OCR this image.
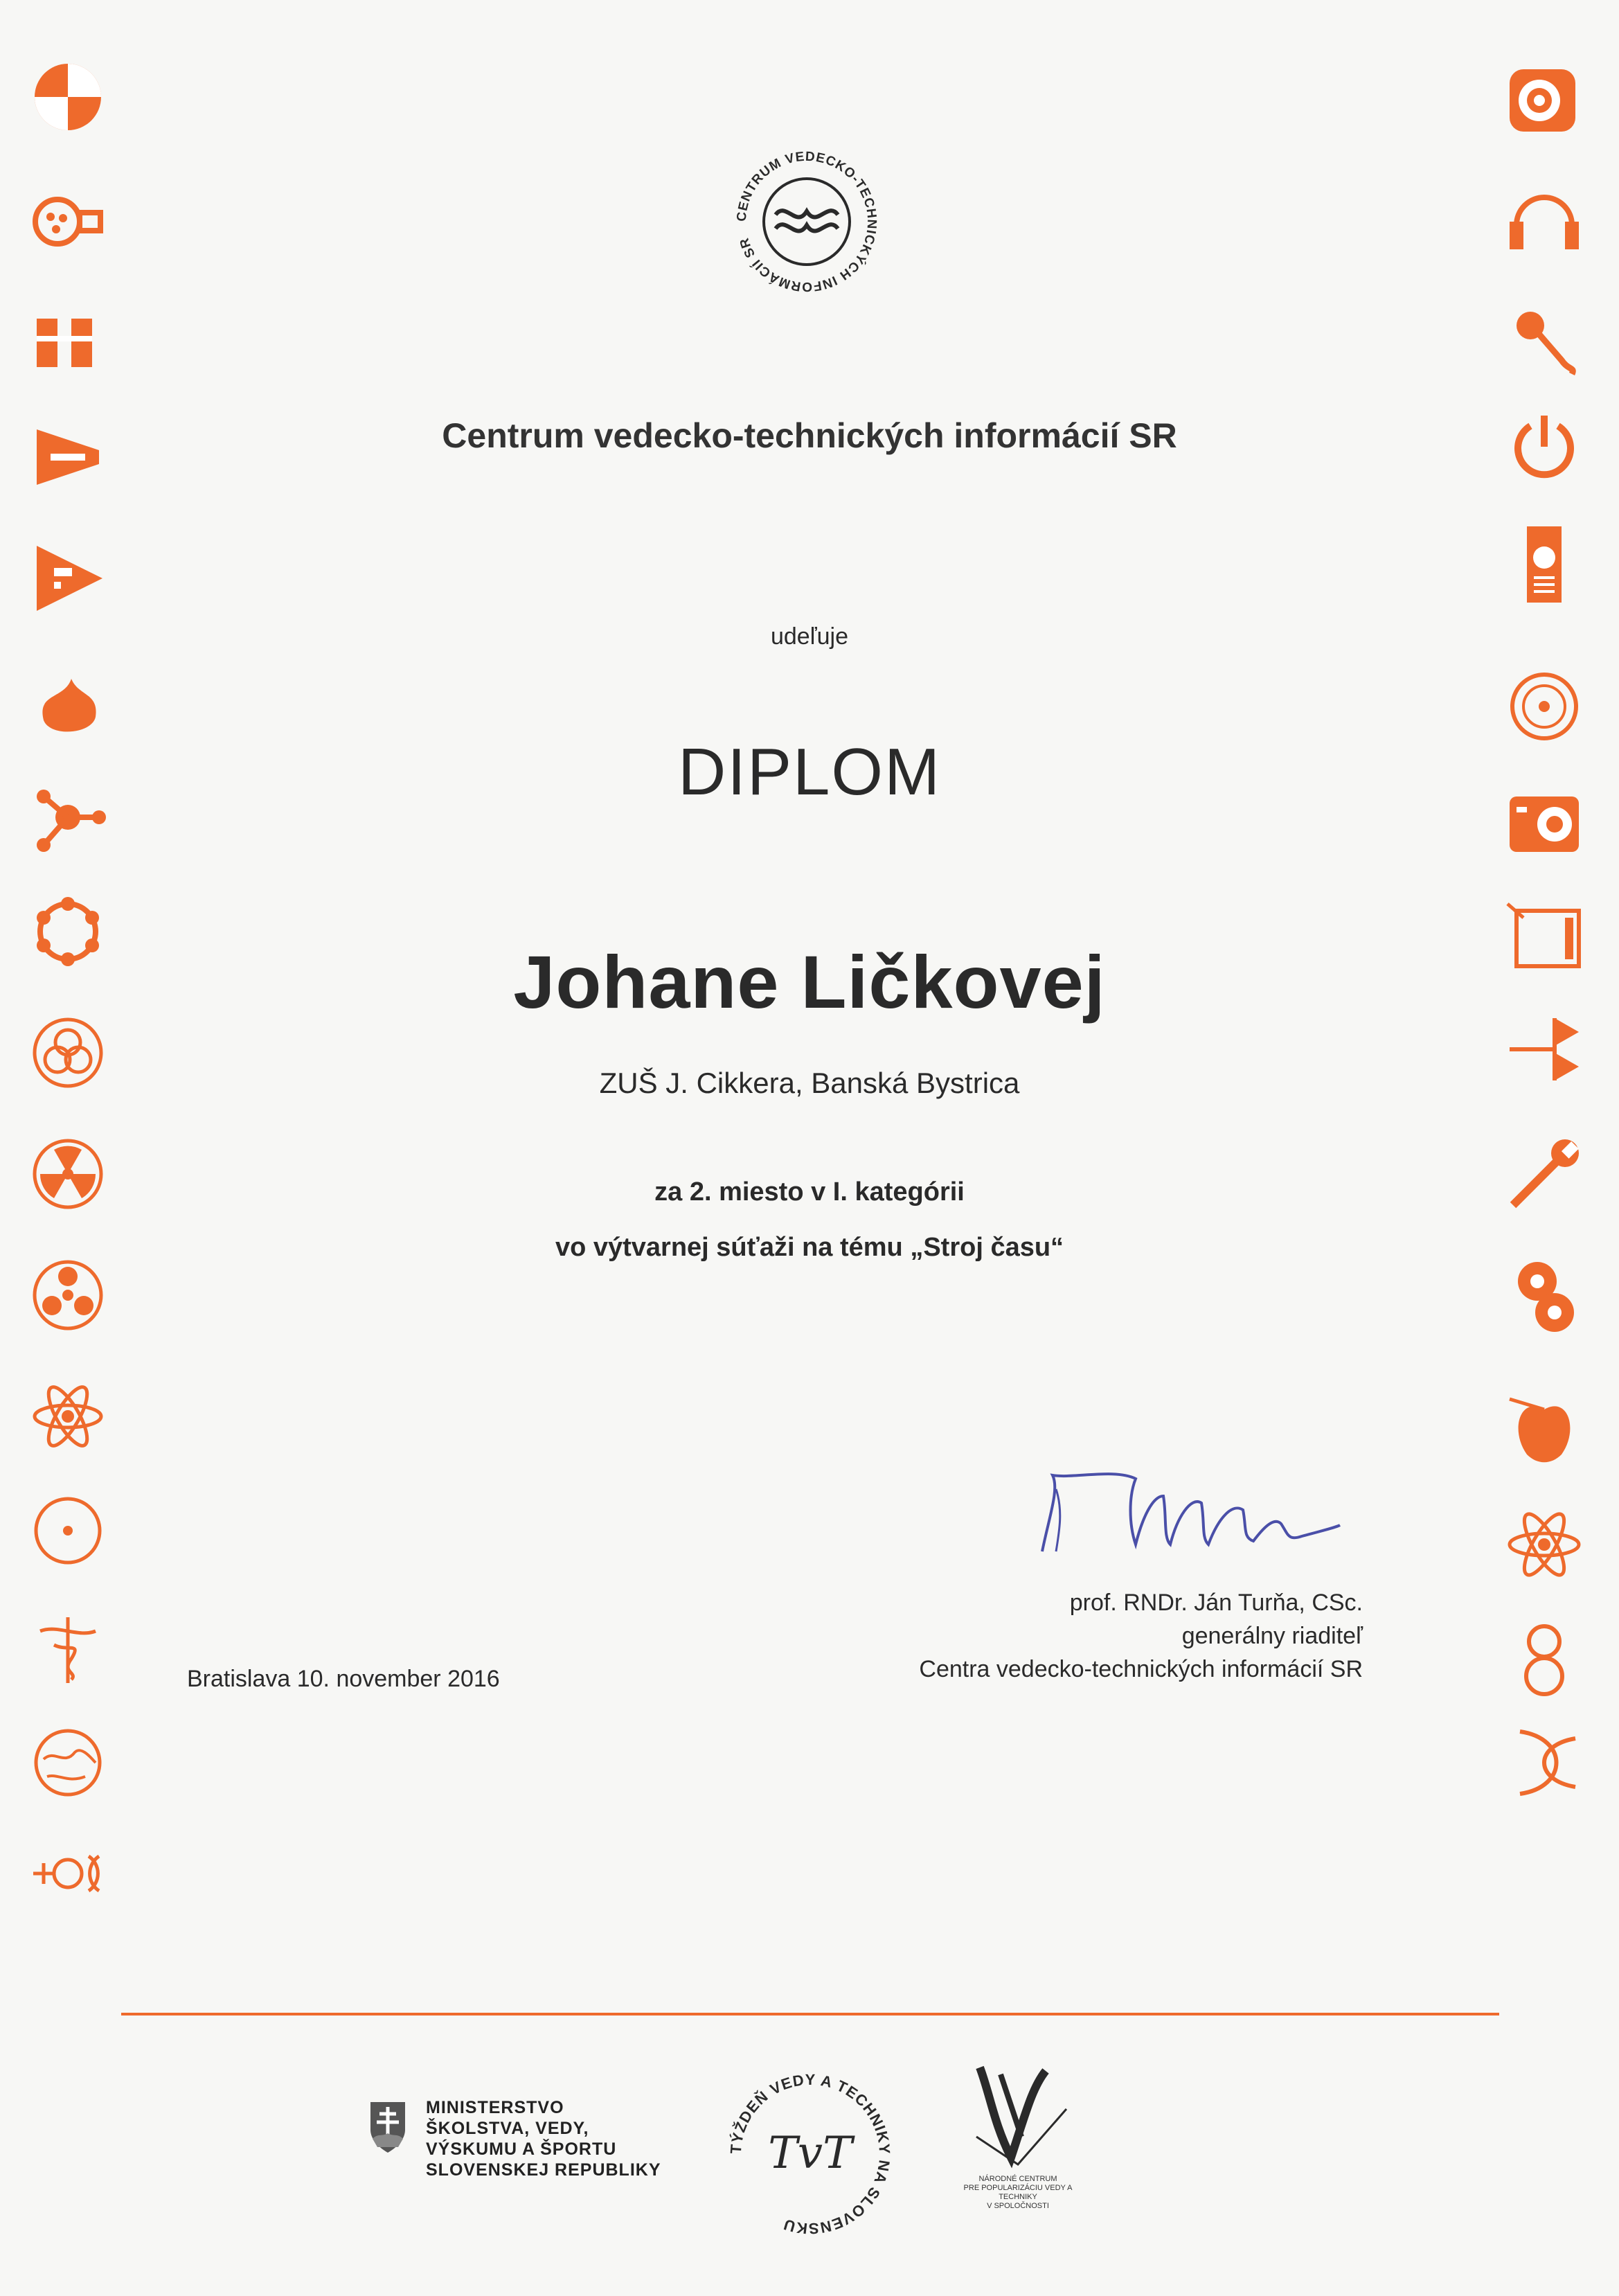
CENTRUM VEDECKO-TECHNICKÝCH INFORMÁCIÍ SR
Centrum vedecko-technických informácií SR
udeľuje
DIPLOM
Johane Ličkovej
ZUŠ J. Cikkera, Banská Bystrica
za 2. miesto v I. kategórii
vo výtvarnej súťaži na tému „Stroj času“
prof. RNDr. Ján Turňa, CSc.
generálny riaditeľ
Centra vedecko-technických informácií SR
Bratislava 10. november 2016
MINISTERSTVO
ŠKOLSTVA, VEDY,
VÝSKUMU A ŠPORTU
SLOVENSKEJ REPUBLIKY
TÝŽDEŇ VEDY A TECHNIKY NA SLOVENSKU
TvT	NÁRODNÉ CENTRUM
PRE POPULARIZÁCIU VEDY A TECHNIKY
V SPOLOČNOSTI
